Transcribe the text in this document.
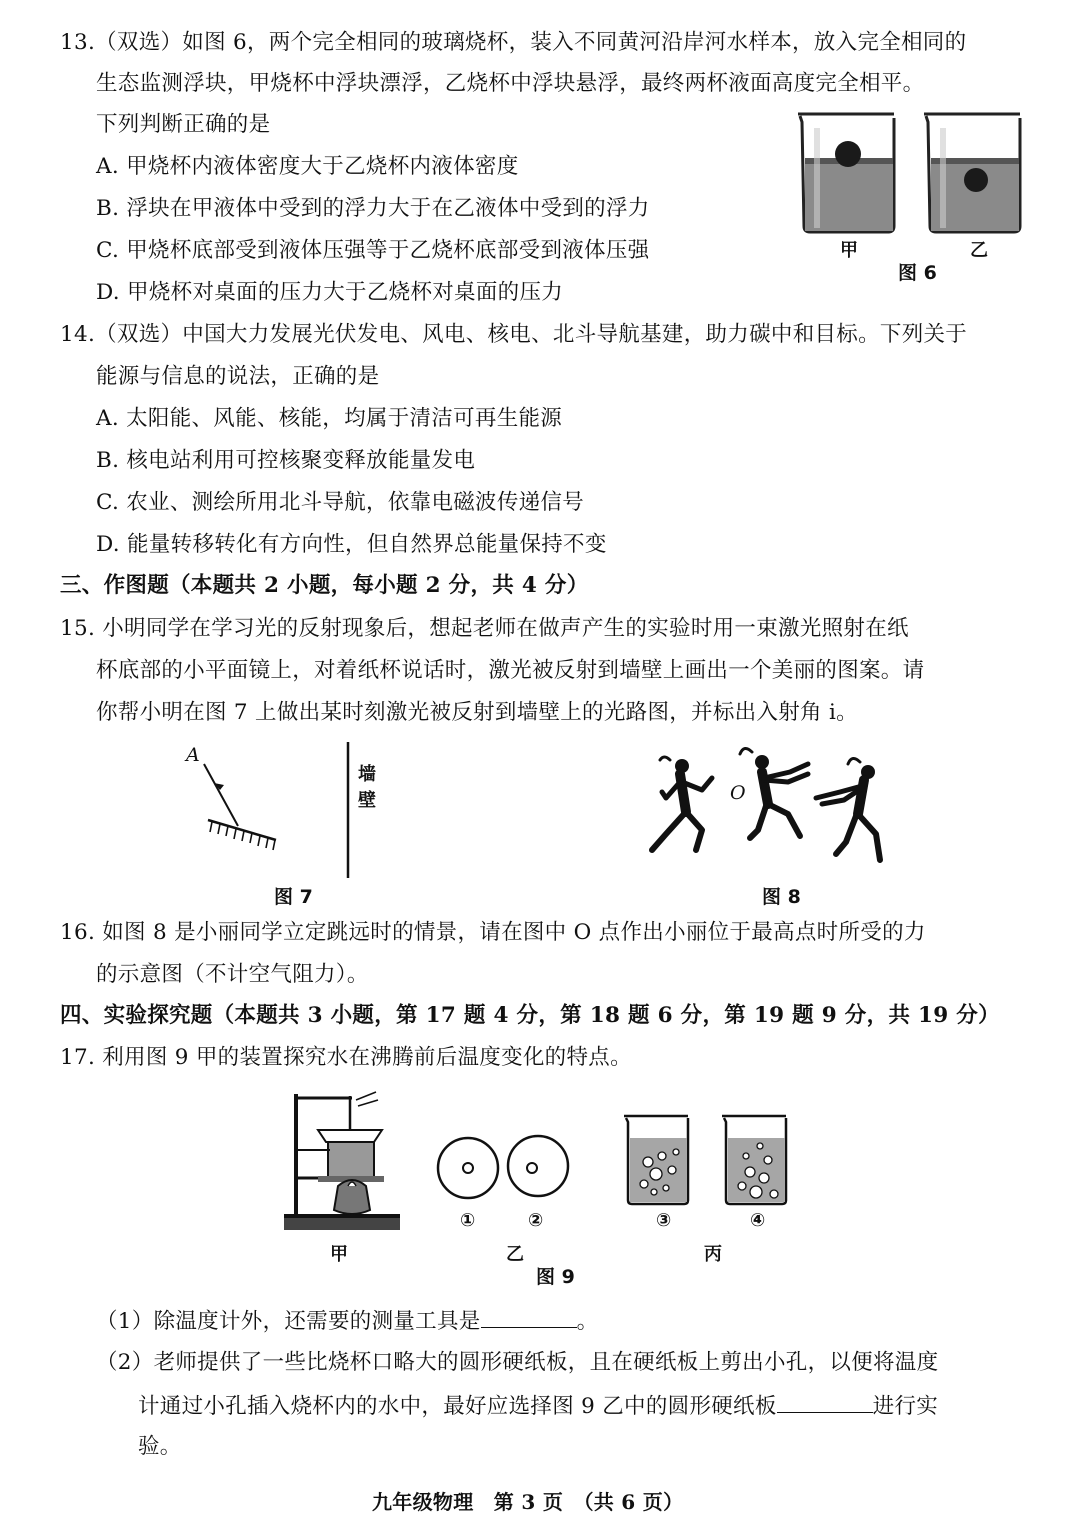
13.（双选）如图 6，两个完全相同的玻璃烧杯，装入不同黄河沿岸河水样本，放入完全相同的
生态监测浮块，甲烧杯中浮块漂浮，乙烧杯中浮块悬浮，最终两杯液面高度完全相平。
下列判断正确的是
A. 甲烧杯内液体密度大于乙烧杯内液体密度
B. 浮块在甲液体中受到的浮力大于在乙液体中受到的浮力
C. 甲烧杯底部受到液体压强等于乙烧杯底部受到液体压强
D. 甲烧杯对桌面的压力大于乙烧杯对桌面的压力
甲	乙
图 6
14.（双选）中国大力发展光伏发电、风电、核电、北斗导航基建，助力碳中和目标。下列关于
能源与信息的说法，正确的是
A. 太阳能、风能、核能，均属于清洁可再生能源
B. 核电站利用可控核聚变释放能量发电
C. 农业、测绘所用北斗导航，依靠电磁波传递信号
D. 能量转移转化有方向性，但自然界总能量保持不变
三、作图题（本题共 2 小题，每小题 2 分，共 4 分）
15. 小明同学在学习光的反射现象后，想起老师在做声产生的实验时用一束激光照射在纸
杯底部的小平面镜上，对着纸杯说话时，激光被反射到墙壁上画出一个美丽的图案。请
你帮小明在图 7 上做出某时刻激光被反射到墙壁上的光路图，并标出入射角 i。
A
墙
壁
图 7
O
图 8
16. 如图 8 是小丽同学立定跳远时的情景，请在图中 O 点作出小丽位于最高点时所受的力
的示意图（不计空气阻力）。
四、实验探究题（本题共 3 小题，第 17 题 4 分，第 18 题 6 分，第 19 题 9 分，共 19 分）
17. 利用图 9 甲的装置探究水在沸腾前后温度变化的特点。
①	②	③	④
甲	乙	丙
图 9
（1）除温度计外，还需要的测量工具是	。
（2）老师提供了一些比烧杯口略大的圆形硬纸板，且在硬纸板上剪出小孔，以便将温度
计通过小孔插入烧杯内的水中，最好应选择图 9 乙中的圆形硬纸板	进行实
验。
九年级物理　第 3 页　（共 6 页）
